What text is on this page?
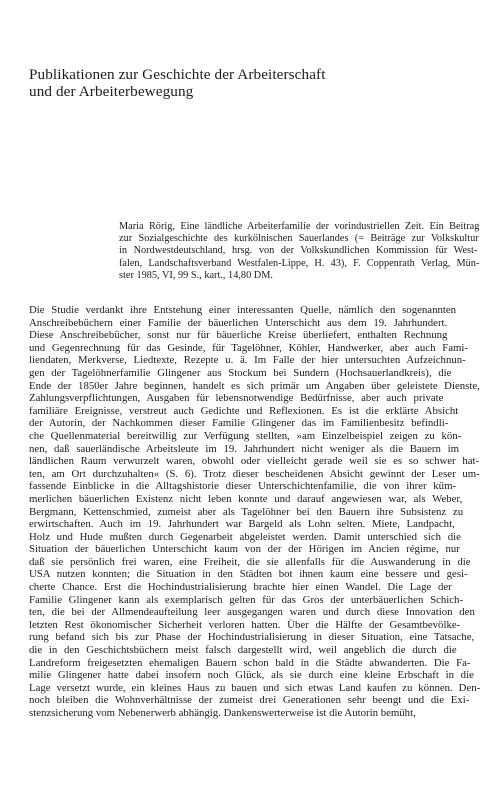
Publikationen zur Geschichte der Arbeiterschaft
und der Arbeiterbewegung
Maria Rörig, Eine ländliche Arbeiterfamilie der vorindustriellen Zeit. Ein Beitrag
zur Sozialgeschichte des kurkölnischen Sauerlandes (= Beiträge zur Volkskultur
in Nordwestdeutschland, hrsg. von der Volkskundlichen Kommission für West-
falen, Landschaftsverband Westfalen-Lippe, H. 43), F. Coppenrath Verlag, Mün-
ster 1985, VI, 99 S., kart., 14,80 DM.
Die Studie verdankt ihre Entstehung einer interessanten Quelle, nämlich den sogenannten
Anschreibebüchern einer Familie der bäuerlichen Unterschicht aus dem 19. Jahrhundert.
Diese Anschreibebücher, sonst nur für bäuerliche Kreise überliefert, enthalten Rechnung
und Gegenrechnung für das Gesinde, für Tagelöhner, Köhler, Handwerker, aber auch Fami-
liendaten, Merkverse, Liedtexte, Rezepte u. ä. Im Falle der hier untersuchten Aufzeichnun-
gen der Tagelöhnerfamilie Glingener aus Stockum bei Sundern (Hochsauerlandkreis), die
Ende der 1850er Jahre beginnen, handelt es sich primär um Angaben über geleistete Dienste,
Zahlungsverpflichtungen, Ausgaben für lebensnotwendige Bedürfnisse, aber auch private
familiäre Ereignisse, verstreut auch Gedichte und Reflexionen. Es ist die erklärte Absicht
der Autorin, der Nachkommen dieser Familie Glingener das im Familienbesitz befindli-
che Quellenmaterial bereitwillig zur Verfügung stellten, »am Einzelbeispiel zeigen zu kön-
nen, daß sauerländische Arbeitsleute im 19. Jahrhundert nicht weniger als die Bauern im
ländlichen Raum verwurzelt waren, obwohl oder vielleicht gerade weil sie es so schwer hat-
ten, am Ort durchzuhalten« (S. 6). Trotz dieser bescheidenen Absicht gewinnt der Leser um-
fassende Einblicke in die Alltagshistorie dieser Unterschichtenfamilie, die von ihrer küm-
merlichen bäuerlichen Existenz nicht leben konnte und darauf angewiesen war, als Weber,
Bergmann, Kettenschmied, zumeist aber als Tagelöhner bei den Bauern ihre Subsistenz zu
erwirtschaften. Auch im 19. Jahrhundert war Bargeld als Lohn selten. Miete, Landpacht,
Holz und Hude mußten durch Gegenarbeit abgeleistet werden. Damit unterschied sich die
Situation der bäuerlichen Unterschicht kaum von der der Hörigen im Ancien régime, nur
daß sie persönlich frei waren, eine Freiheit, die sie allenfalls für die Auswanderung in die
USA nutzen konnten; die Situation in den Städten bot ihnen kaum eine bessere und gesi-
cherte Chance. Erst die Hochindustrialisierung brachte hier einen Wandel. Die Lage der
Familie Glingener kann als exemplarisch gelten für das Gros der unterbäuerlichen Schich-
ten, die bei der Allmendeaufteilung leer ausgegangen waren und durch diese Innovation den
letzten Rest ökonomischer Sicherheit verloren hatten. Über die Hälfte der Gesamtbevölke-
rung befand sich bis zur Phase der Hochindustrialisierung in dieser Situation, eine Tatsache,
die in den Geschichtsbüchern meist falsch dargestellt wird, weil angeblich die durch die
Landreform freigesetzten ehemaligen Bauern schon bald in die Städte abwanderten. Die Fa-
milie Glingener hatte dabei insofern noch Glück, als sie durch eine kleine Erbschaft in die
Lage versetzt wurde, ein kleines Haus zu bauen und sich etwas Land kaufen zu können. Den-
noch bleiben die Wohnverhältnisse der zumeist drei Generationen sehr beengt und die Exi-
stenzsicherung vom Nebenerwerb abhängig. Dankenswerterweise ist die Autorin bemüht,
